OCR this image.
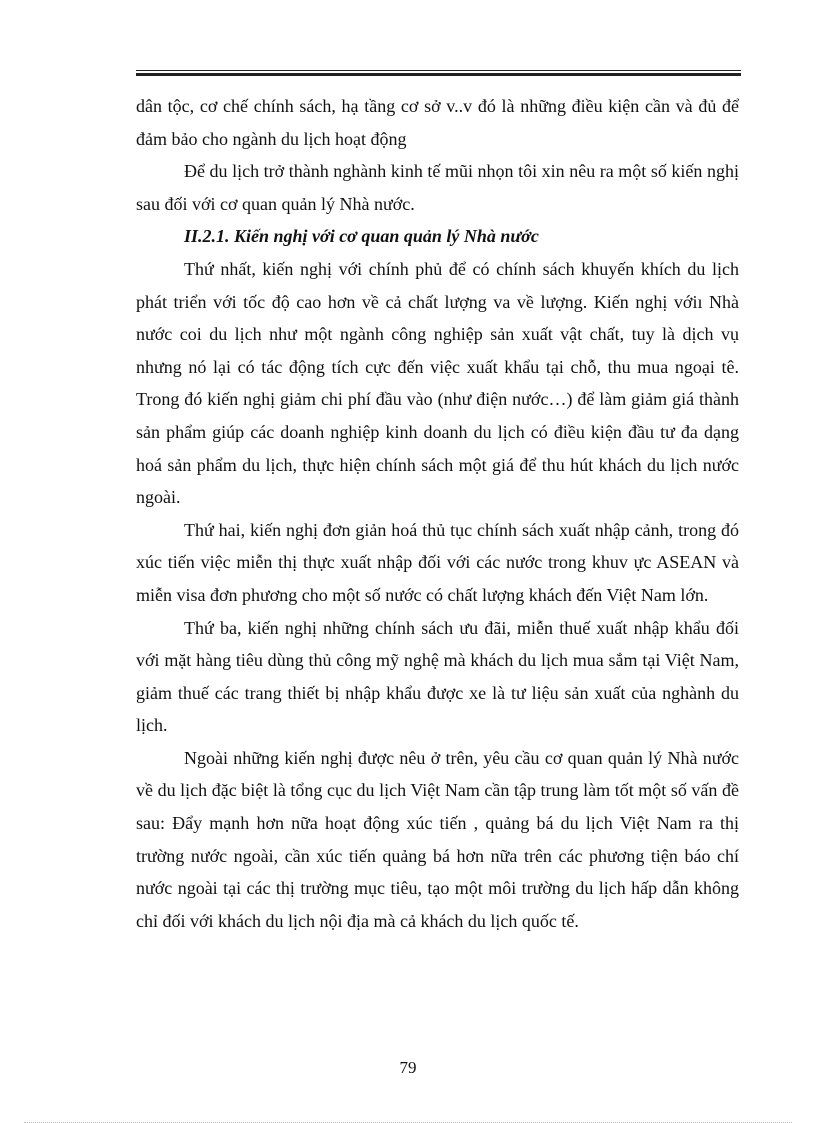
dân tộc, cơ chế chính sách, hạ tầng cơ sở v..v đó là những điều kiện cần và đủ để đảm bảo cho ngành du lịch hoạt động

Để du lịch trở thành nghành kinh tế mũi nhọn tôi xin nêu ra một số kiến nghị sau đối với cơ quan quản lý Nhà nước.

II.2.1. Kiến nghị với cơ quan quản lý Nhà nước

Thứ nhất, kiến nghị với chính phủ để có chính sách khuyến khích du lịch phát triển với tốc độ cao hơn về cả chất lượng va về lượng. Kiến nghị vớiı Nhà nước coi du lịch như một ngành công nghiệp sản xuất vật chất, tuy là dịch vụ nhưng nó lại có tác động tích cực đến việc xuất khẩu tại chỗ, thu mua ngoại tê. Trong đó kiến nghị giảm chi phí đầu vào (như điện nước…) để làm giảm giá thành sản phẩm giúp các doanh nghiệp kinh doanh du lịch có điều kiện đầu tư đa dạng hoá sản phẩm du lịch, thực hiện chính sách một giá để thu hút khách du lịch nước ngoài.

Thứ hai, kiến nghị đơn giản hoá thủ tục chính sách xuất nhập cảnh, trong đó xúc tiến việc miễn thị thực xuất nhập đối với các nước trong khuv ực ASEAN và miễn visa đơn phương cho một số nước có chất lượng khách đến Việt Nam lớn.

Thứ ba, kiến nghị những chính sách ưu đãi, miễn thuế xuất nhập khẩu đối với mặt hàng tiêu dùng thủ công mỹ nghệ mà khách du lịch mua sắm tại Việt Nam, giảm thuế các trang thiết bị nhập khẩu được xe là tư liệu sản xuất của nghành du lịch.

Ngoài những kiến nghị được nêu ở trên, yêu cầu cơ quan quản lý Nhà nước về du lịch đặc biệt là tổng cục du lịch Việt Nam cần tập trung làm tốt một số vấn đề sau: Đẩy mạnh hơn nữa hoạt động xúc tiến , quảng bá du lịch Việt Nam ra thị trường nước ngoài, cần xúc tiến quảng bá hơn nữa trên các phương tiện báo chí nước ngoài tại các thị trường mục tiêu, tạo một môi trường du lịch hấp dẫn không chỉ đối với khách du lịch nội địa mà cả khách du lịch quốc tế.

79
